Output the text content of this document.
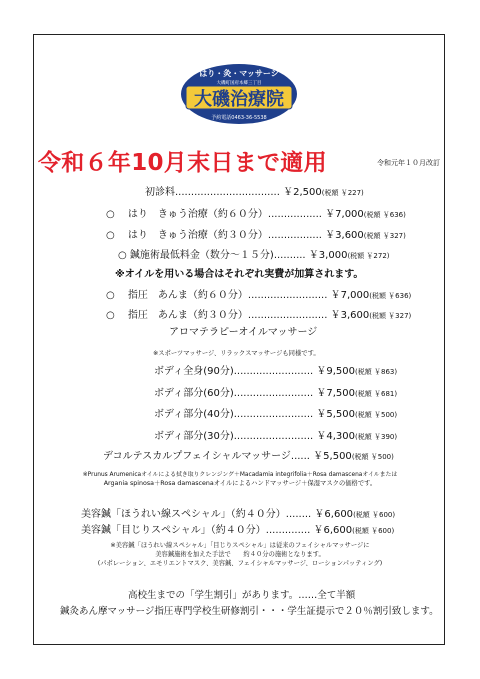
はり・灸・マッサージ
大磯町国府本郷三丁目
大磯治療院
予約電話0463-36-5538
令和６年10月末日まで適用	令和元年１０月改訂
初診料................................. ￥2,500(税額 ￥227)
○　 はり　きゅう治療（約６０分）................. ￥7,000(税額 ￥636)
○　 はり　きゅう治療（約３０分）................. ￥3,600(税額 ￥327)
○ 鍼施術最低料金（数分～１５分).......... ￥3,000(税額 ￥272)
※オイルを用いる場合はそれぞれ実費が加算されます。
○　 指圧　あんま（約６０分）......................... ￥7,000(税額 ￥636)
○　 指圧　あんま（約３０分）......................... ￥3,600(税額 ￥327)
アロマテラピーオイルマッサージ
※スポーツマッサージ、リラックスマッサージも同様です。
ボディ全身(90分)......................... ￥9,500(税額 ￥863)
ボディ部分(60分)......................... ￥7,500(税額 ￥681)
ボディ部分(40分)......................... ￥5,500(税額 ￥500)
ボディ部分(30分)......................... ￥4,300(税額 ￥390)
デコルテスカルプフェイシャルマッサージ...... ￥5,500(税額 ￥500)
※Prunus Arumenicaオイルによる拭き取りクレンジング＋Macadamia integrifolia＋Rosa damascenaオイルまたは
Argania spinosa＋Rosa damascenaオイルによるハンドマッサージ＋保湿マスクの価格です。
美容鍼「ほうれい線スペシャル」（約４０分）........ ￥6,600(税額 ￥600)
美容鍼「目じりスペシャル」（約４０分）.............. ￥6,600(税額 ￥600)
※美容鍼「ほうれい線スペシャル」「目じりスペシャル」は従来のフェイシャルマッサージに
美容鍼施術を加えた手法で　　約４０分の施術となります。
(パポレーション、エモリエントマスク、美容鍼、フェイシャルマッサージ、ローションパッティング)
高校生までの「学生割引」があります。……全て半額
鍼灸あん摩マッサージ指圧専門学校生研修割引・・・学生証提示で２０％割引致します。
